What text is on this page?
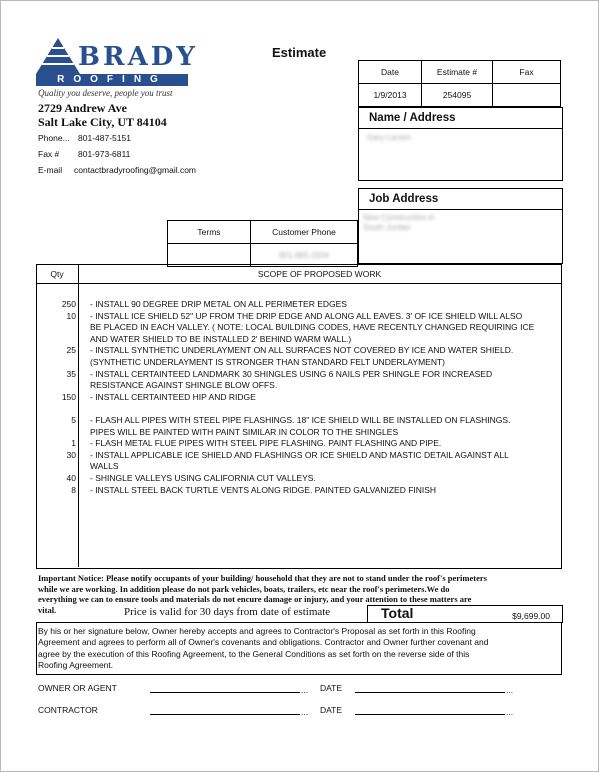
BRADY
ROOFING
Quality you deserve, people you trust
2729 Andrew Ave
Salt Lake City, UT 84104
Phone... 801-487-5151
Fax # 801-973-6811
E-mail contactbradyroofing@gmail.com
Estimate
Date	Estimate #	Fax
1/9/2013	254095	
Name / Address
Gary Larsen
Job Address
New Construction in
South Jordan
Terms	Customer Phone
	801-965-1504
Qty	SCOPE OF PROPOSED WORK
250 - INSTALL 90 DEGREE DRIP METAL ON ALL PERIMETER EDGES
10 - INSTALL ICE SHIELD 52" UP FROM THE DRIP EDGE AND ALONG ALL EAVES. 3' OF ICE SHIELD WILL ALSO
BE PLACED IN EACH VALLEY. ( NOTE: LOCAL BUILDING CODES, HAVE RECENTLY CHANGED REQUIRING ICE
AND WATER SHIELD TO BE INSTALLED 2' BEHIND WARM WALL.)
25 - INSTALL SYNTHETIC UNDERLAYMENT ON ALL SURFACES NOT COVERED BY ICE AND WATER SHIELD.
(SYNTHETIC UNDERLAYMENT IS STRONGER THAN STANDARD FELT UNDERLAYMENT)
35 - INSTALL CERTAINTEED LANDMARK 30 SHINGLES USING 6 NAILS PER SHINGLE FOR INCREASED
RESISTANCE AGAINST SHINGLE BLOW OFFS.
150 - INSTALL CERTAINTEED HIP AND RIDGE
5 - FLASH ALL PIPES WITH STEEL PIPE FLASHINGS. 18" ICE SHIELD WILL BE INSTALLED ON FLASHINGS.
PIPES WILL BE PAINTED WITH PAINT SIMILAR IN COLOR TO THE SHINGLES
1 - FLASH METAL FLUE PIPES WITH STEEL PIPE FLASHING. PAINT FLASHING AND PIPE.
30 - INSTALL APPLICABLE ICE SHIELD AND FLASHINGS OR ICE SHIELD AND MASTIC DETAIL AGAINST ALL
WALLS
40 - SHINGLE VALLEYS USING CALIFORNIA CUT VALLEYS.
8 - INSTALL STEEL BACK TURTLE VENTS ALONG RIDGE. PAINTED GALVANIZED FINISH
Important Notice: Please notify occupants of your building/ household that they are not to stand under the roof's perimeters
while we are working. In addition please do not park vehicles, boats, trailers, etc near the roof's perimeters.We do
everything we can to ensure tools and materials do not encure damage or injury, and your attention to these matters are
vital.	Price is valid for 30 days from date of estimate	Total	$9,699.00
By his or her signature below, Owner hereby accepts and agrees to Contractor's Proposal as set forth in this Roofing
Agreement and agrees to perform all of Owner's covenants and obligations. Contractor and Owner further covenant and
agree by the execution of this Roofing Agreement, to the General Conditions as set forth on the reverse side of this
Roofing Agreement.
OWNER OR AGENT	... DATE	...
CONTRACTOR	... DATE	...
